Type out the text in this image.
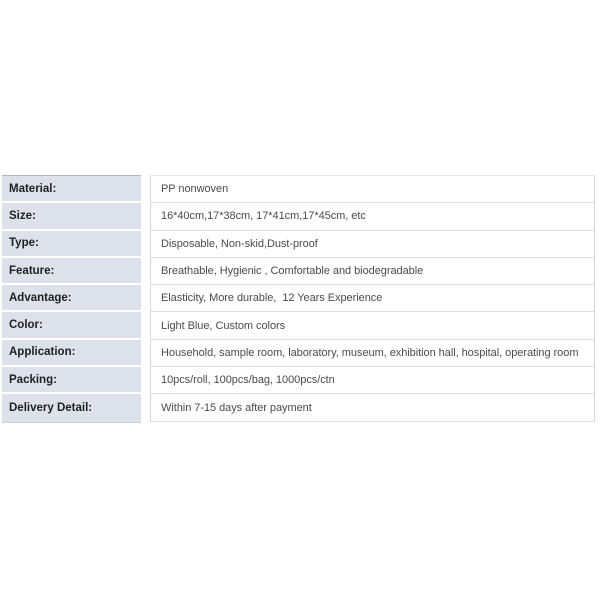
Material:
Size:
Type:
Feature:
Advantage:
Color:
Application:
Packing:
Delivery Detail:
PP nonwoven
16*40cm,17*38cm, 17*41cm,17*45cm, etc
Disposable, Non-skid,Dust-proof
Breathable, Hygienic , Comfortable and biodegradable
Elasticity, More durable,  12 Years Experience
Light Blue, Custom colors
Household, sample room, laboratory, museum, exhibition hall, hospital, operating room
10pcs/roll, 100pcs/bag, 1000pcs/ctn
Within 7-15 days after payment
